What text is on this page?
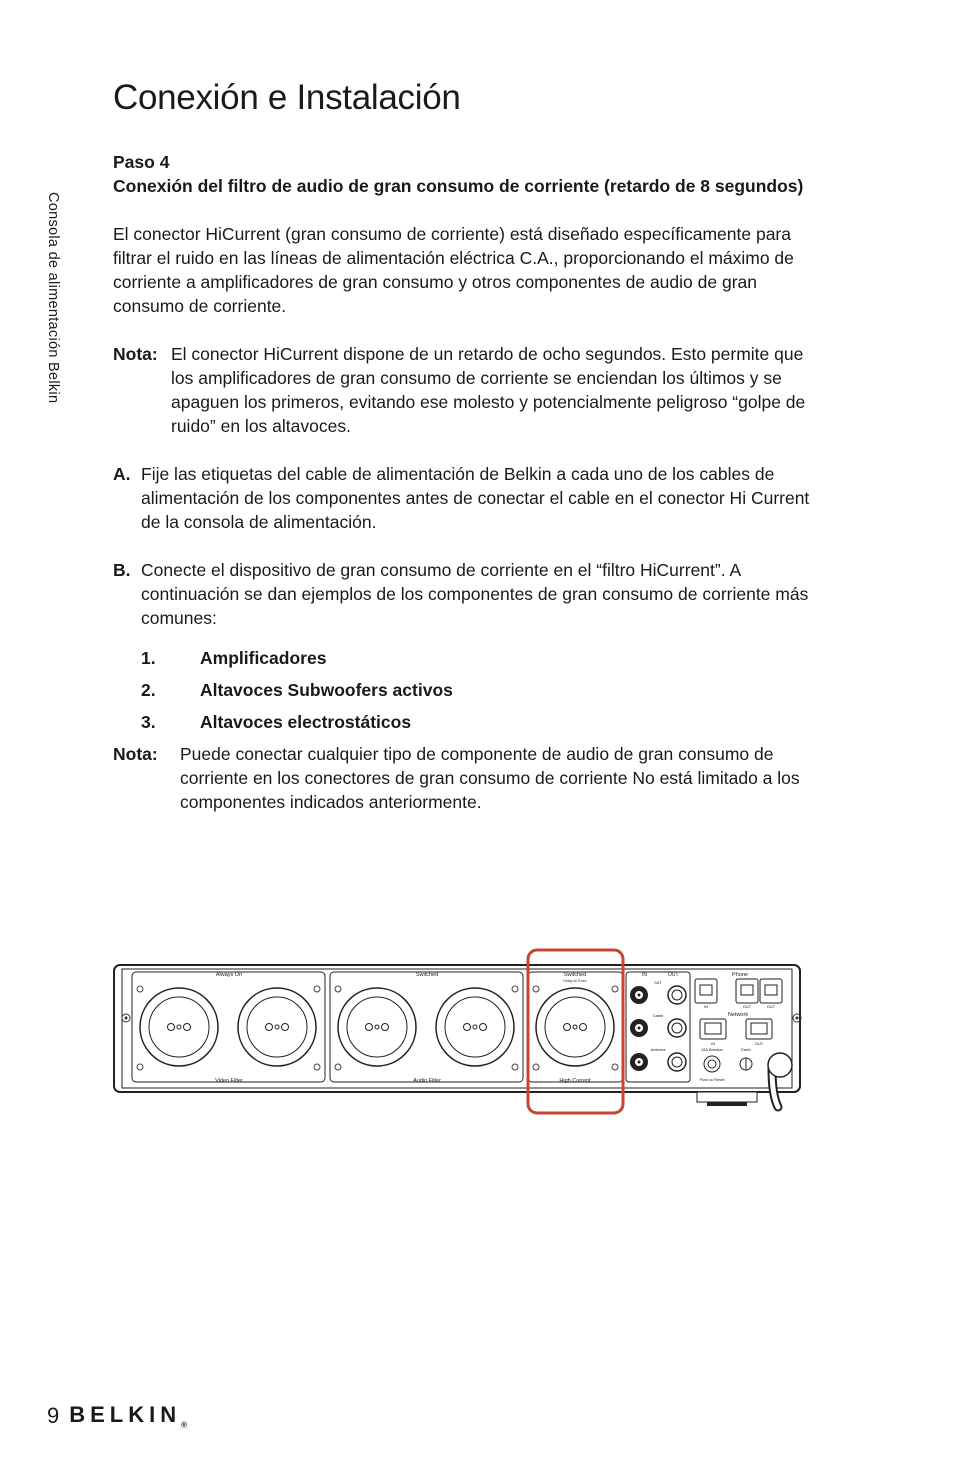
Conexión e Instalación
Consola de alimentación Belkin

Paso 4

Conexión del filtro de audio de gran consumo de corriente (retardo de 8 segundos)

El conector HiCurrent (gran consumo de corriente) está diseñado específicamente para filtrar el ruido en las líneas de alimentación eléctrica C.A., proporcionando el máximo de corriente a amplificadores de gran consumo y otros componentes de audio de gran consumo de corriente.

Nota: El conector HiCurrent dispone de un retardo de ocho segundos. Esto permite que los amplificadores de gran consumo de corriente se enciendan los últimos y se apaguen los primeros, evitando ese molesto y potencialmente peligroso “golpe de ruido” en los altavoces.
A. Fije las etiquetas del cable de alimentación de Belkin a cada uno de los cables de alimentación de los componentes antes de conectar el cable en el conector Hi Current de la consola de alimentación.
B. Conecte el dispositivo de gran consumo de corriente en el “filtro HiCurrent”. A continuación se dan ejemplos de los componentes de gran consumo de corriente más comunes:
1.	Amplificadores
2.	Altavoces Subwoofers activos
3.	Altavoces electrostáticos
Nota:	Puede conectar cualquier tipo de componente de audio de gran consumo de corriente en los conectores de gran consumo de corriente No está limitado a los componentes indicados anteriormente.
Always On	Switched	Switched
Delay on 8 sec
Video Filter	Audio Filter	High Current
IN	OUT
SAT
Cable
Antenna
Phone
IN	OUT	OUT
Network
IN	OUT
15A Breaker	Earth
Push to Reset
9 $BELKIN_®$
